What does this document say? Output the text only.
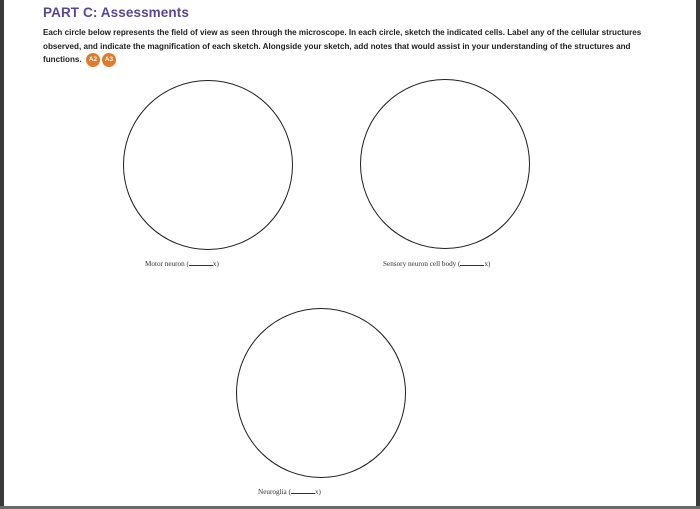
PART C: Assessments

Each circle below represents the field of view as seen through the microscope. In each circle, sketch the indicated cells. Label any of the cellular structures observed, and indicate the magnification of each sketch. Alongside your sketch, add notes that would assist in your understanding of the structures and functions. A2 A3

Motor neuron (	x)	Sensory neuron cell body (	x)
Neuroglia (	x)
